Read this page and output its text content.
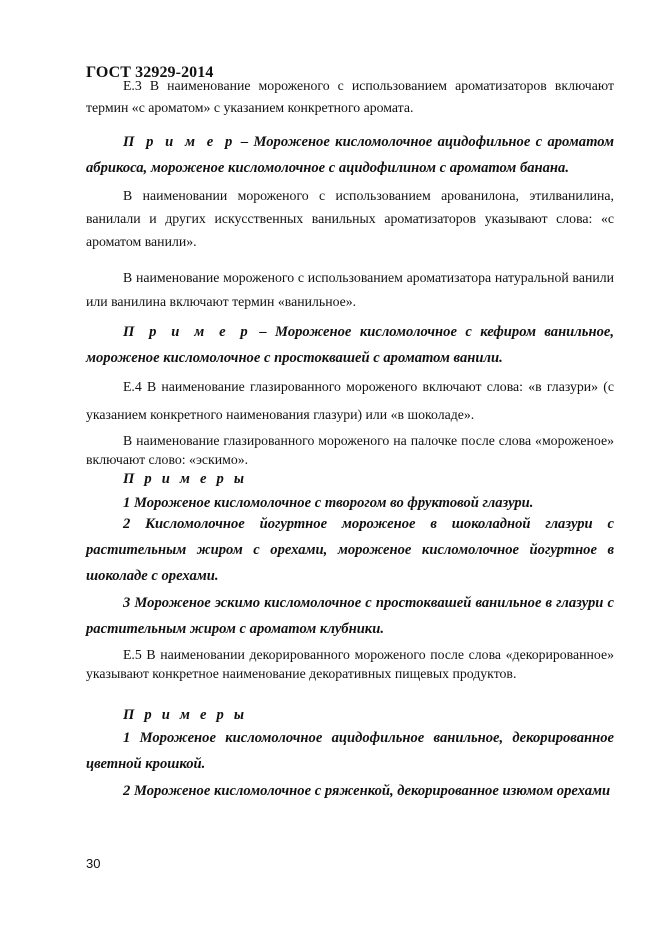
ГОСТ 32929-2014
Е.3 В наименование мороженого с использованием ароматизаторов включают термин «с ароматом» с указанием конкретного аромата.
П р и м е р – Мороженое кисломолочное ацидофильное с ароматом абрикоса, мороженое кисломолочное с ацидофилином с ароматом банана.
В наименовании мороженого с использованием арованилона, этилванилина, ванилали и других искусственных ванильных ароматизаторов указывают слова: «с ароматом ванили».
В наименование мороженого с использованием ароматизатора натуральной ванили или ванилина включают термин «ванильное».
П р и м е р – Мороженое кисломолочное с кефиром ванильное, мороженое кисломолочное с простоквашей с ароматом ванили.
Е.4 В наименование глазированного мороженого включают слова: «в глазури» (с указанием конкретного наименования глазури) или «в шоколаде».
В наименование глазированного мороженого на палочке после слова «мороженое» включают слово: «эскимо».
П р и м е р ы
1 Мороженое кисломолочное с творогом во фруктовой глазури.
2 Кисломолочное йогуртное мороженое в шоколадной глазури с растительным жиром с орехами, мороженое кисломолочное йогуртное в шоколаде с орехами.
3 Мороженое эскимо кисломолочное с простоквашей ванильное в глазури с растительным жиром с ароматом клубники.
Е.5 В наименовании декорированного мороженого после слова «декорированное» указывают конкретное наименование декоративных пищевых продуктов.
П р и м е р ы
1 Мороженое кисломолочное ацидофильное ванильное, декорированное цветной крошкой.
2 Мороженое кисломолочное с ряженкой, декорированное изюмом орехами
30
